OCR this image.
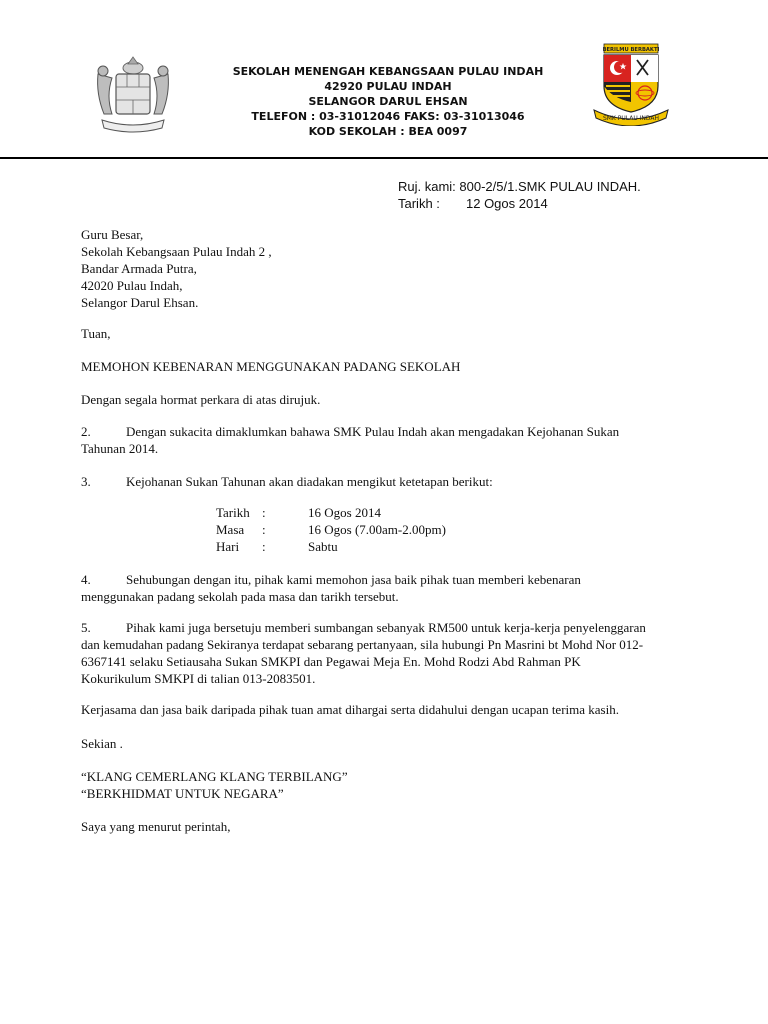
SEKOLAH MENENGAH KEBANGSAAN PULAU INDAH
42920 PULAU INDAH
SELANGOR DARUL EHSAN
TELEFON : 03-31012046 FAKS: 03-31013046
KOD SEKOLAH : BEA 0097
BERILMU BERBAKTI
SMK PULAU INDAH
Ruj. kami: 800-2/5/1.SMK PULAU INDAH.
Tarikh : 12 Ogos 2014
Guru Besar,
Sekolah Kebangsaan Pulau Indah 2 ,
Bandar Armada Putra,
42020 Pulau Indah,
Selangor Darul Ehsan.
Tuan,
MEMOHON KEBENARAN MENGGUNAKAN PADANG SEKOLAH
Dengan segala hormat perkara di atas dirujuk.
2.	Dengan sukacita dimaklumkan bahawa SMK Pulau Indah akan mengadakan Kejohanan Sukan
Tahunan 2014.
3.	Kejohanan Sukan Tahunan akan diadakan mengikut ketetapan berikut:
Tarikh :	16 Ogos 2014
Masa :	16 Ogos (7.00am-2.00pm)
Hari :	Sabtu
4.	Sehubungan dengan itu, pihak kami memohon jasa baik pihak tuan memberi kebenaran
menggunakan padang sekolah pada masa dan tarikh tersebut.
5.	Pihak kami juga bersetuju memberi sumbangan sebanyak RM500 untuk kerja-kerja penyelenggaran
dan kemudahan padang Sekiranya terdapat sebarang pertanyaan, sila hubungi Pn Masrini bt Mohd Nor 012-
6367141 selaku Setiausaha Sukan SMKPI dan Pegawai Meja En. Mohd Rodzi Abd Rahman PK
Kokurikulum SMKPI di talian 013-2083501.
Kerjasama dan jasa baik daripada pihak tuan amat dihargai serta didahului dengan ucapan terima kasih.
Sekian .
“KLANG CEMERLANG KLANG TERBILANG”
“BERKHIDMAT UNTUK NEGARA”
Saya yang menurut perintah,
